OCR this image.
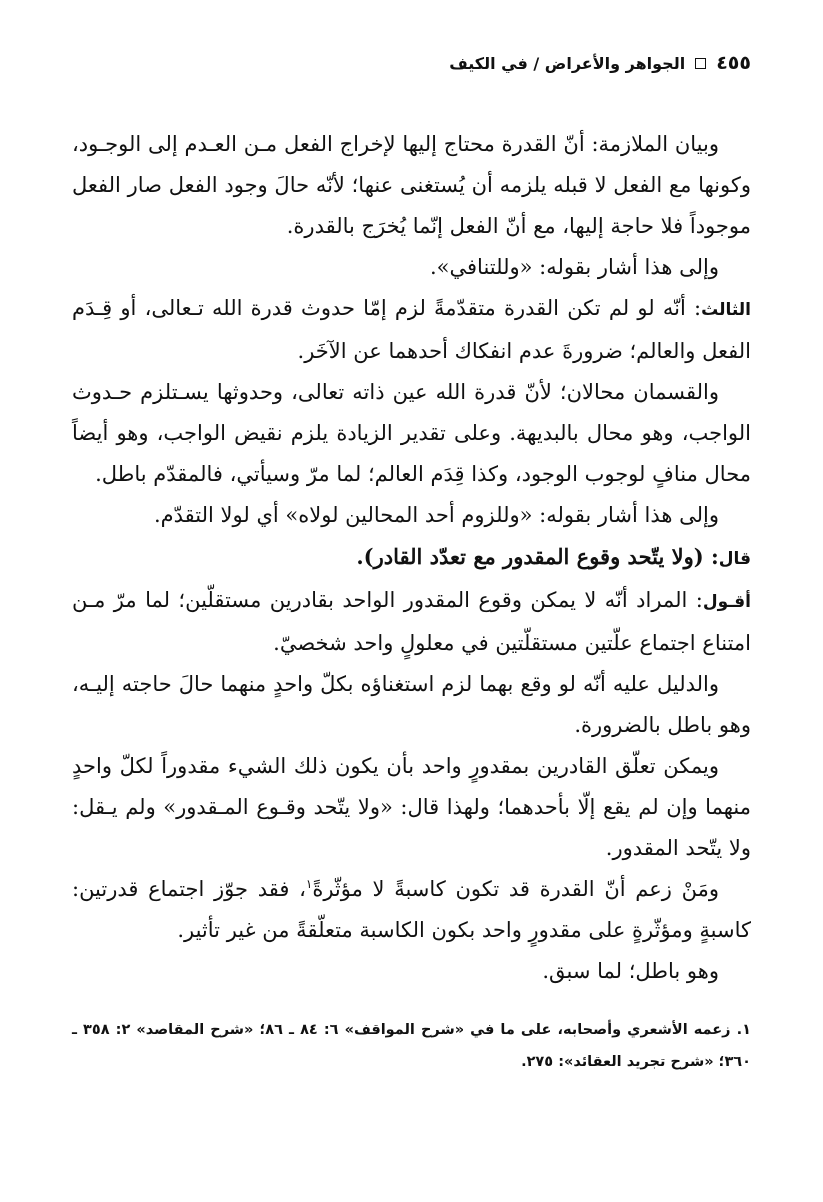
٤٥٥
الجواهر والأعراض / في الكيف

وبيان الملازمة: أنّ القدرة محتاج إليها لإخراج الفعل مـن العـدم إلى الوجـود، وكونها مع الفعل لا قبله يلزمه أن يُستغنى عنها؛ لأنّه حالَ وجود الفعل صار الفعل موجوداً فلا حاجة إليها، مع أنّ الفعل إنّما يُخرَج بالقدرة.

وإلى هذا أشار بقوله: «وللتنافي».

الثالث: أنّه لو لم تكن القدرة متقدّمةً لزم إمّا حدوث قدرة الله تـعالى، أو قِـدَم الفعل والعالم؛ ضرورةَ عدم انفكاك أحدهما عن الآخَر.

والقسمان محالان؛ لأنّ قدرة الله عين ذاته تعالى، وحدوثها يسـتلزم حـدوث الواجب، وهو محال بالبديهة. وعلى تقدير الزيادة يلزم نقيض الواجب، وهو أيضاً محال منافٍ لوجوب الوجود، وكذا قِدَم العالم؛ لما مرّ وسيأتي، فالمقدّم باطل.

وإلى هذا أشار بقوله: «وللزوم أحد المحالين لولاه» أي لولا التقدّم.

قال: (ولا يتّحد وقوع المقدور مع تعدّد القادر).

أقـول: المراد أنّه لا يمكن وقوع المقدور الواحد بقادرين مستقلّين؛ لما مرّ مـن امتناع اجتماع علّتين مستقلّتين في معلولٍ واحد شخصيّ.

والدليل عليه أنّه لو وقع بهما لزم استغناؤه بكلّ واحدٍ منهما حالَ حاجته إليـه، وهو باطل بالضرورة.

ويمكن تعلّق القادرين بمقدورٍ واحد بأن يكون ذلك الشيء مقدوراً لكلّ واحدٍ منهما وإن لم يقع إلّا بأحدهما؛ ولهذا قال: «ولا يتّحد وقـوع المـقدور» ولم يـقل: ولا يتّحد المقدور.

ومَنْ زعم أنّ القدرة قد تكون كاسبةً لا مؤثّرةً$^١$، فقد جوّز اجتماع قدرتين: كاسبةٍ ومؤثّرةٍ على مقدورٍ واحد بكون الكاسبة متعلّقةً من غير تأثير.

وهو باطل؛ لما سبق.

١. زعمه الأشعري وأصحابه، على ما في «شرح المواقف» ٦: ٨٤ ـ ٨٦؛ «شرح المقاصد» ٢: ٣٥٨ ـ ٣٦٠؛ «شرح تجريد العقائد»: ٢٧٥.
